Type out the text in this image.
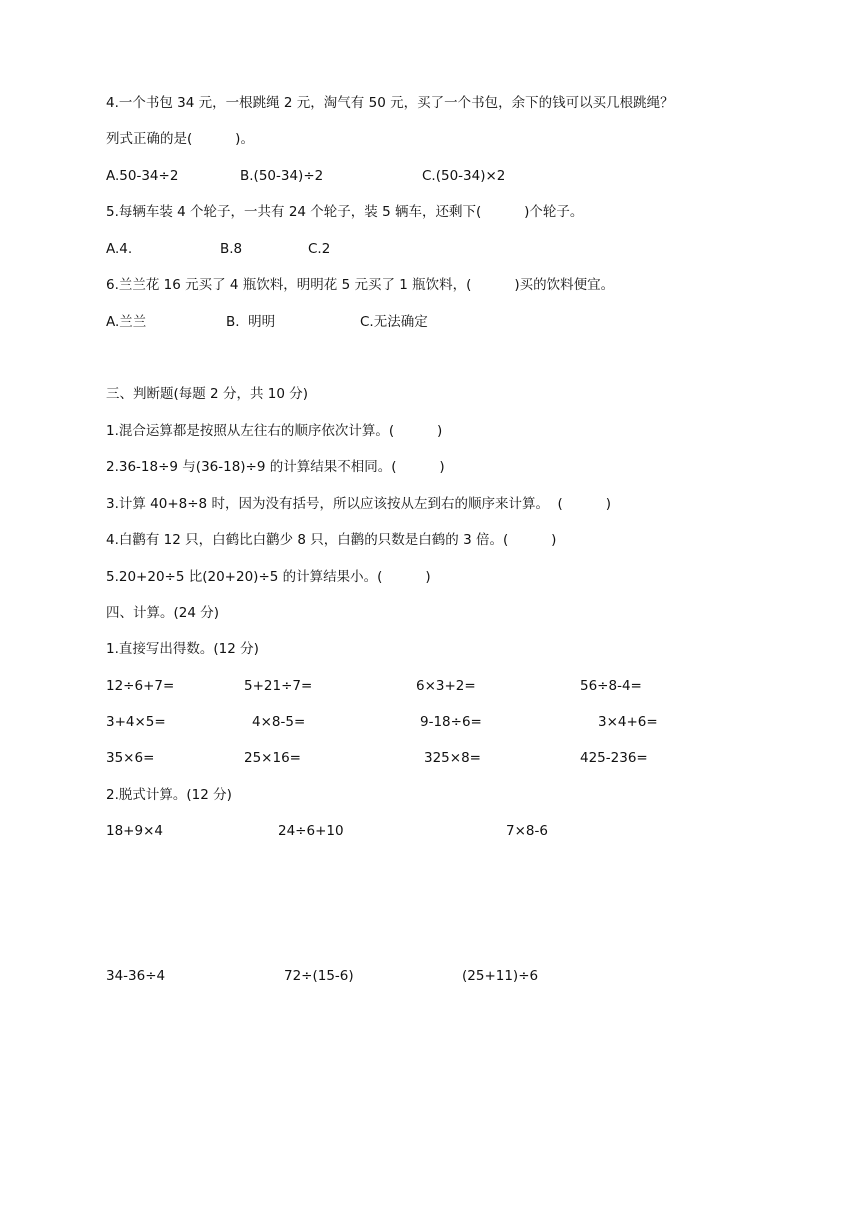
4.一个书包 34 元，一根跳绳 2 元，淘气有 50 元，买了一个书包，余下的钱可以买几根跳绳？
列式正确的是(          )。
A.50-34÷2	B.(50-34)÷2	C.(50-34)×2
5.每辆车装 4 个轮子，一共有 24 个轮子，装 5 辆车，还剩下(          )个轮子。
A.4.	B.8	C.2
6.兰兰花 16 元买了 4 瓶饮料，明明花 5 元买了 1 瓶饮料，(          )买的饮料便宜。
A.兰兰	B.  明明	C.无法确定
三、判断题(每题 2 分，共 10 分)
1.混合运算都是按照从左往右的顺序依次计算。(          )
2.36-18÷9 与(36-18)÷9 的计算结果不相同。(          )
3.计算 40+8÷8 时，因为没有括号，所以应该按从左到右的顺序来计算。  (          )
4.白鹳有 12 只，白鹤比白鹳少 8 只，白鹳的只数是白鹤的 3 倍。(          )
5.20+20÷5 比(20+20)÷5 的计算结果小。(          )
四、计算。(24 分)
1.直接写出得数。(12 分)
12÷6+7=	5+21÷7=	6×3+2=	56÷8-4=
3+4×5=	4×8-5=	9-18÷6=	3×4+6=
35×6=	25×16=	325×8=	425-236=
2.脱式计算。(12 分)
18+9×4	24÷6+10	7×8-6
34-36÷4	72÷(15-6)	(25+11)÷6
